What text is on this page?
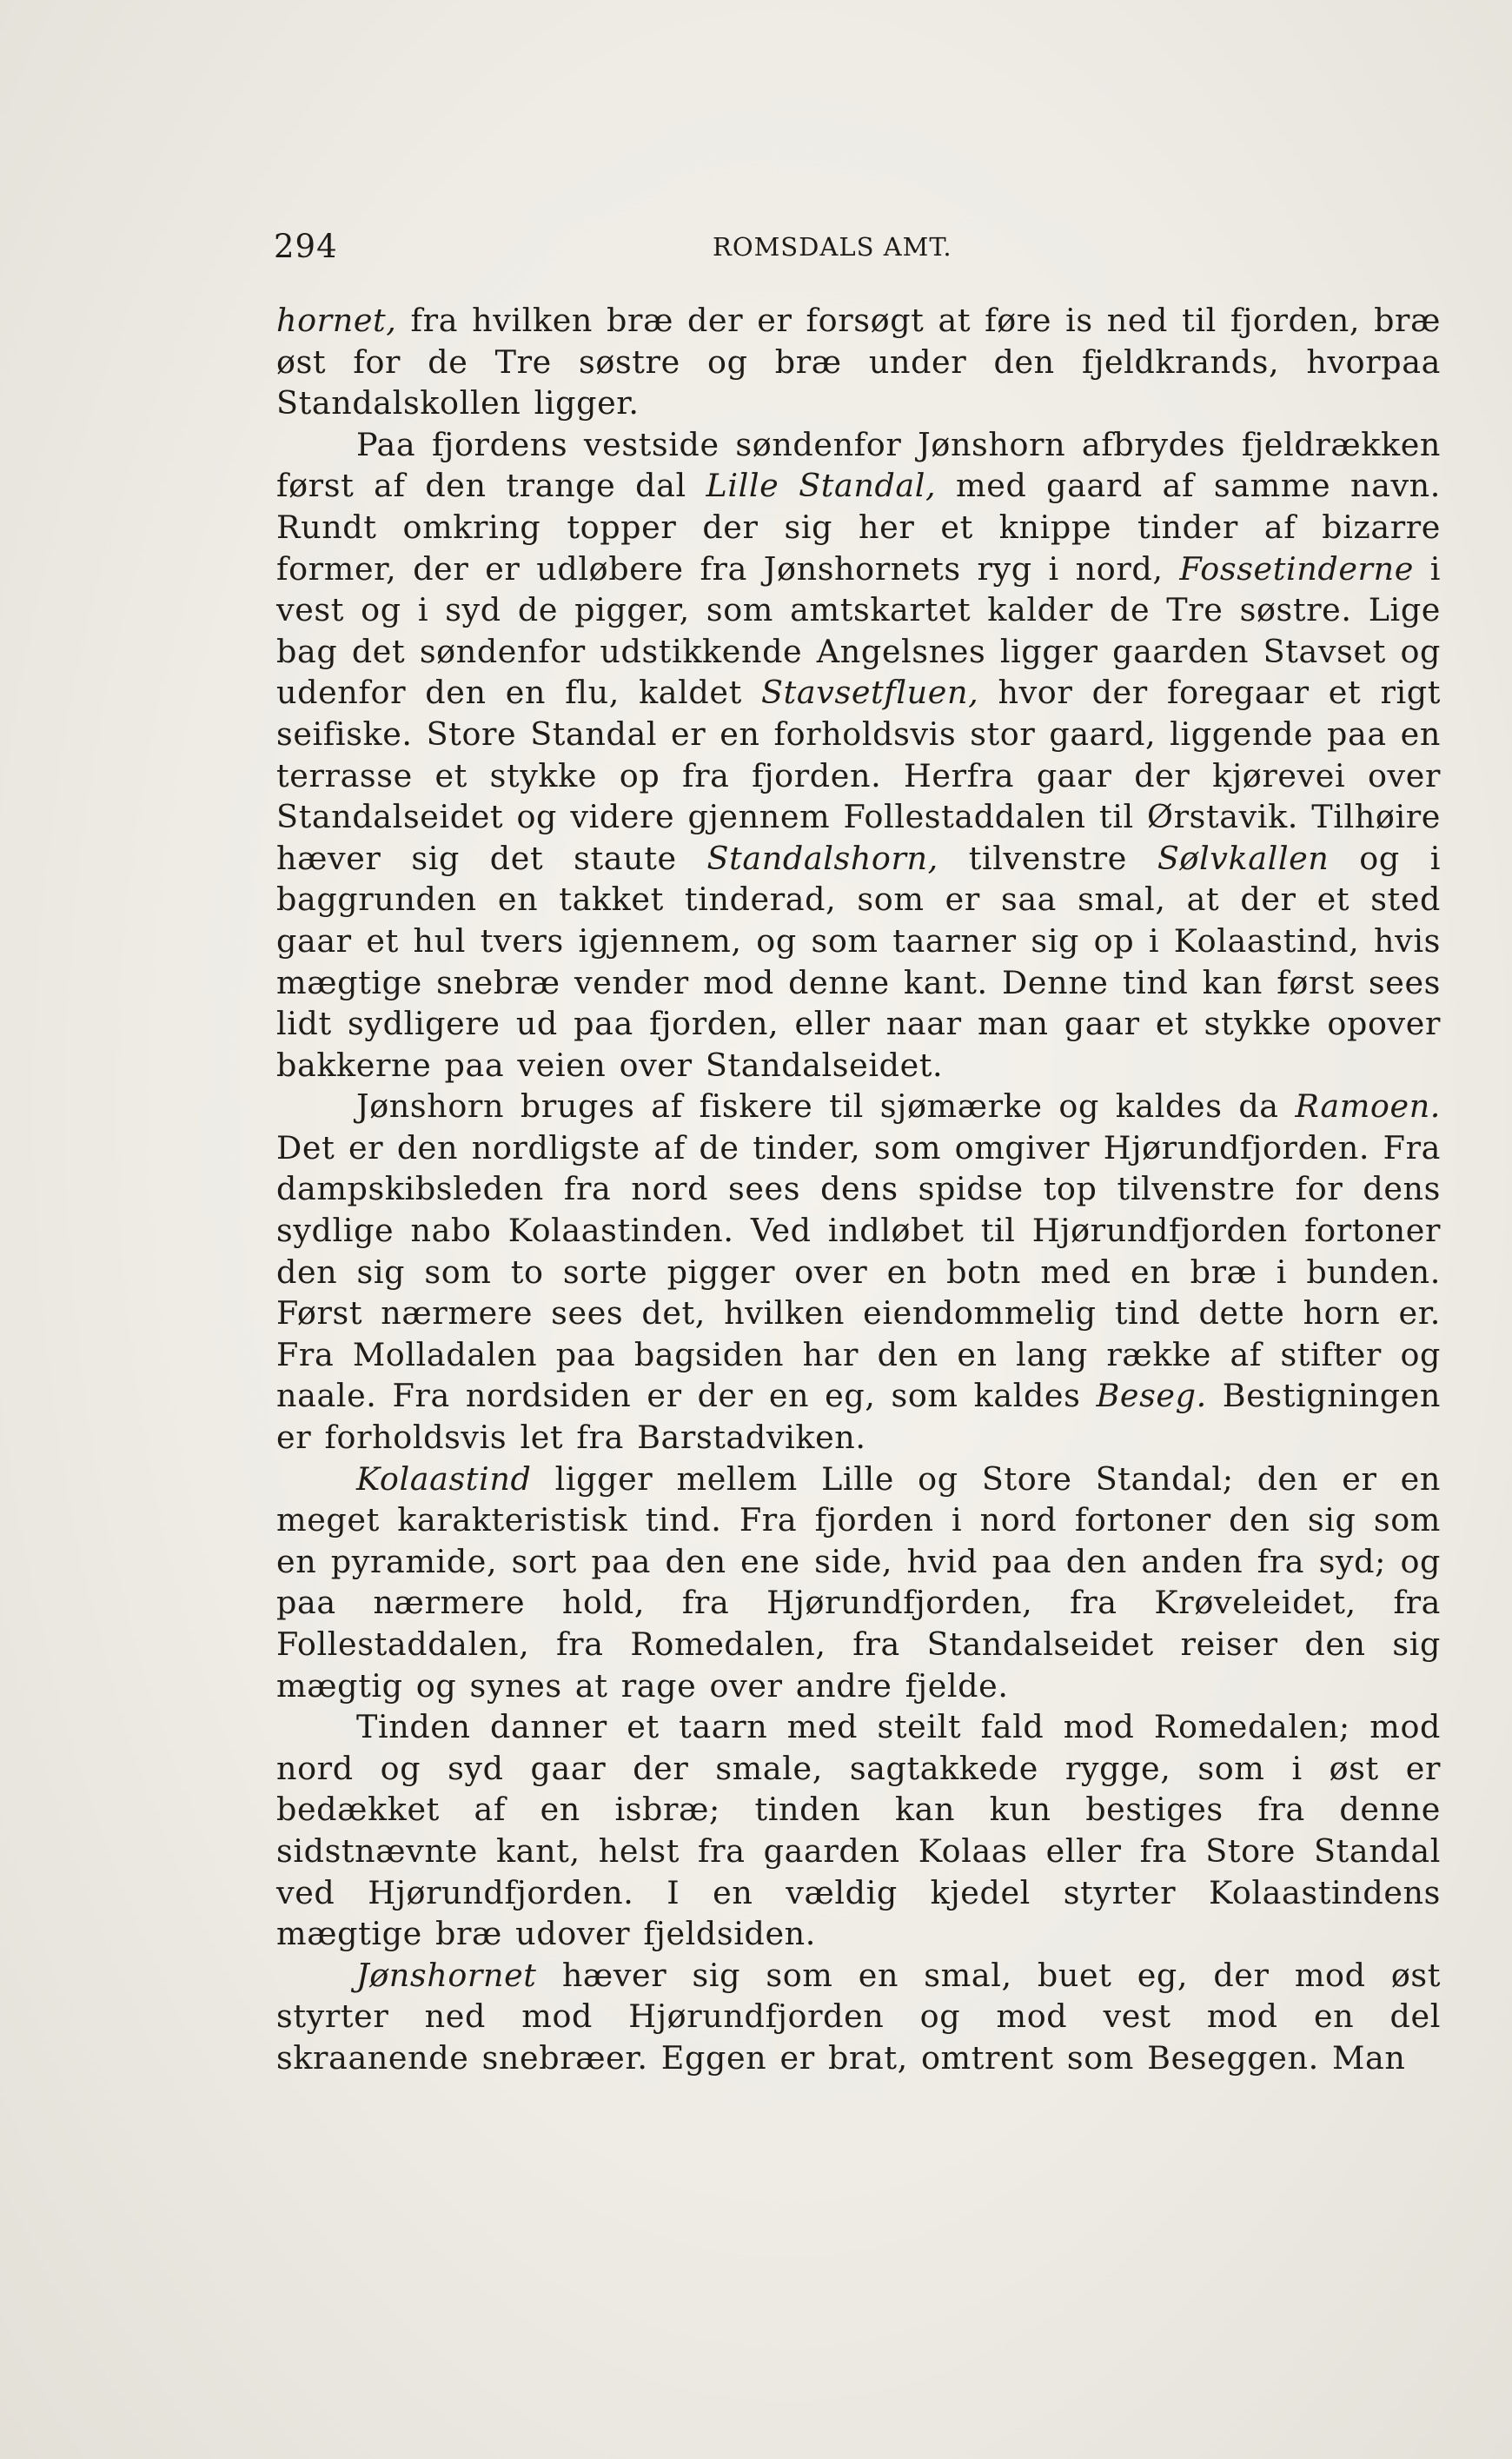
294	ROMSDALS AMT.

hornet, fra hvilken bræ der er forsøgt at føre is ned til fjorden, bræ øst for de Tre søstre og bræ under den fjeldkrands, hvorpaa Standalskollen ligger.

Paa fjordens vestside søndenfor Jønshorn afbrydes fjeldrækken først af den trange dal Lille Standal, med gaard af samme navn. Rundt omkring topper der sig her et knippe tinder af bizarre former, der er udløbere fra Jønshornets ryg i nord, Fossetinderne i vest og i syd de pigger, som amtskartet kalder de Tre søstre. Lige bag det søndenfor udstikkende Angelsnes ligger gaarden Stavset og udenfor den en flu, kaldet Stavsetfluen, hvor der foregaar et rigt seifiske. Store Standal er en forholdsvis stor gaard, liggende paa en terrasse et stykke op fra fjorden. Herfra gaar der kjørevei over Standalseidet og videre gjennem Follestaddalen til Ørstavik. Tilhøire hæver sig det staute Standalshorn, tilvenstre Sølvkallen og i baggrunden en takket tinderad, som er saa smal, at der et sted gaar et hul tvers igjennem, og som taarner sig op i Kolaastind, hvis mægtige snebræ vender mod denne kant. Denne tind kan først sees lidt sydligere ud paa fjorden, eller naar man gaar et stykke opover bakkerne paa veien over Standalseidet.

Jønshorn bruges af fiskere til sjømærke og kaldes da Ramoen. Det er den nordligste af de tinder, som omgiver Hjørundfjorden. Fra dampskibsleden fra nord sees dens spidse top tilvenstre for dens sydlige nabo Kolaastinden. Ved indløbet til Hjørundfjorden fortoner den sig som to sorte pigger over en botn med en bræ i bunden. Først nærmere sees det, hvilken eiendommelig tind dette horn er. Fra Molladalen paa bagsiden har den en lang række af stifter og naale. Fra nordsiden er der en eg, som kaldes Beseg. Bestigningen er forholdsvis let fra Barstadviken.

Kolaastind ligger mellem Lille og Store Standal; den er en meget karakteristisk tind. Fra fjorden i nord fortoner den sig som en pyramide, sort paa den ene side, hvid paa den anden fra syd; og paa nærmere hold, fra Hjørundfjorden, fra Krøveleidet, fra Follestaddalen, fra Romedalen, fra Standalseidet reiser den sig mægtig og synes at rage over andre fjelde.

Tinden danner et taarn med steilt fald mod Romedalen; mod nord og syd gaar der smale, sagtakkede rygge, som i øst er bedækket af en isbræ; tinden kan kun bestiges fra denne sidstnævnte kant, helst fra gaarden Kolaas eller fra Store Standal ved Hjørundfjorden. I en vældig kjedel styrter Kolaastindens mægtige bræ udover fjeldsiden.

Jønshornet hæver sig som en smal, buet eg, der mod øst styrter ned mod Hjørundfjorden og mod vest mod en del skraanende snebræer. Eggen er brat, omtrent som Beseggen. Man
